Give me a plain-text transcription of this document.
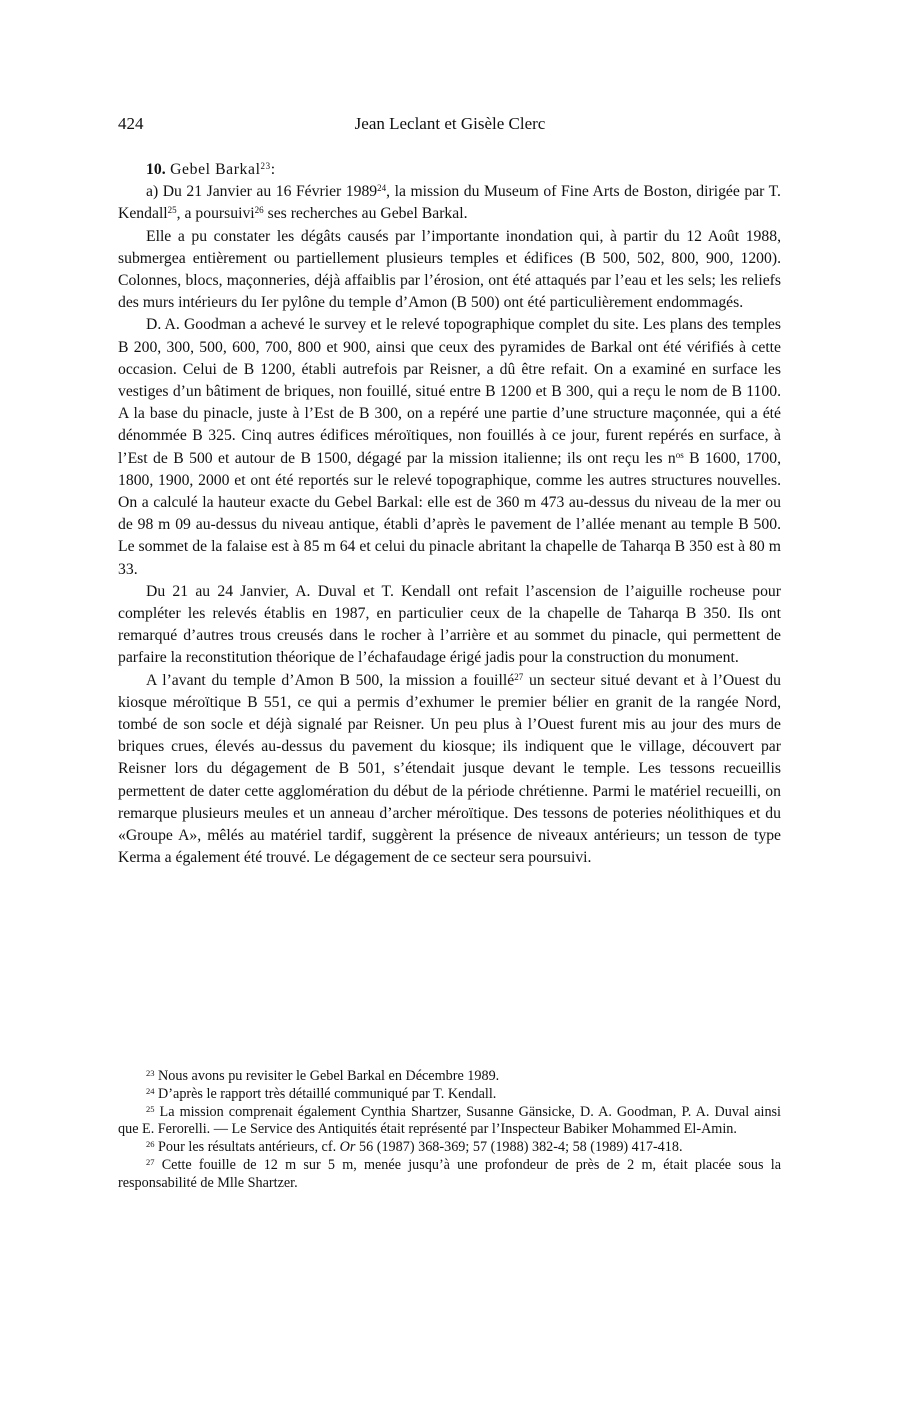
424	Jean Leclant et Gisèle Clerc

10. Gebel Barkal$^{23}$:

a) Du 21 Janvier au 16 Février 1989$^{24}$, la mission du Museum of Fine Arts de Boston, dirigée par T. Kendall$^{25}$, a poursuivi$^{26}$ ses recherches au Gebel Barkal.

Elle a pu constater les dégâts causés par l’importante inondation qui, à partir du 12 Août 1988, submergea entièrement ou partiellement plusieurs temples et édifices (B 500, 502, 800, 900, 1200). Colonnes, blocs, maçonneries, déjà affaiblis par l’érosion, ont été attaqués par l’eau et les sels; les reliefs des murs intérieurs du Ier pylône du temple d’Amon (B 500) ont été particulièrement endommagés.

D. A. Goodman a achevé le survey et le relevé topographique complet du site. Les plans des temples B 200, 300, 500, 600, 700, 800 et 900, ainsi que ceux des pyramides de Barkal ont été vérifiés à cette occasion. Celui de B 1200, établi autrefois par Reisner, a dû être refait. On a examiné en surface les vestiges d’un bâtiment de briques, non fouillé, situé entre B 1200 et B 300, qui a reçu le nom de B 1100. A la base du pinacle, juste à l’Est de B 300, on a repéré une partie d’une structure maçonnée, qui a été dénommée B 325. Cinq autres édifices méroïtiques, non fouillés à ce jour, furent repérés en surface, à l’Est de B 500 et autour de B 1500, dégagé par la mission italienne; ils ont reçu les $n^{os}$ B 1600, 1700, 1800, 1900, 2000 et ont été reportés sur le relevé topographique, comme les autres structures nouvelles. On a calculé la hauteur exacte du Gebel Barkal: elle est de 360 m 473 au-dessus du niveau de la mer ou de 98 m 09 au-dessus du niveau antique, établi d’après le pavement de l’allée menant au temple B 500. Le sommet de la falaise est à 85 m 64 et celui du pinacle abritant la chapelle de Taharqa B 350 est à 80 m 33.

Du 21 au 24 Janvier, A. Duval et T. Kendall ont refait l’ascension de l’aiguille rocheuse pour compléter les relevés établis en 1987, en particulier ceux de la chapelle de Taharqa B 350. Ils ont remarqué d’autres trous creusés dans le rocher à l’arrière et au sommet du pinacle, qui permettent de parfaire la reconstitution théorique de l’échafaudage érigé jadis pour la construction du monument.

A l’avant du temple d’Amon B 500, la mission a fouillé$^{27}$ un secteur situé devant et à l’Ouest du kiosque méroïtique B 551, ce qui a permis d’exhumer le premier bélier en granit de la rangée Nord, tombé de son socle et déjà signalé par Reisner. Un peu plus à l’Ouest furent mis au jour des murs de briques crues, élevés au-dessus du pavement du kiosque; ils indiquent que le village, découvert par Reisner lors du dégagement de B 501, s’étendait jusque devant le temple. Les tessons recueillis permettent de dater cette agglomération du début de la période chrétienne. Parmi le matériel recueilli, on remarque plusieurs meules et un anneau d’archer méroïtique. Des tessons de poteries néolithiques et du «Groupe A», mêlés au matériel tardif, suggèrent la présence de niveaux antérieurs; un tesson de type Kerma a également été trouvé. Le dégagement de ce secteur sera poursuivi.

$^{23}$ Nous avons pu revisiter le Gebel Barkal en Décembre 1989.

$^{24}$ D’après le rapport très détaillé communiqué par T. Kendall.

$^{25}$ La mission comprenait également Cynthia Shartzer, Susanne Gänsicke, D. A. Goodman, P. A. Duval ainsi que E. Ferorelli. — Le Service des Antiquités était représenté par l’Inspecteur Babiker Mohammed El-Amin.

$^{26}$ Pour les résultats antérieurs, cf. Or 56 (1987) 368-369; 57 (1988) 382-4; 58 (1989) 417-418.

$^{27}$ Cette fouille de 12 m sur 5 m, menée jusqu’à une profondeur de près de 2 m, était placée sous la responsabilité de Mlle Shartzer.
